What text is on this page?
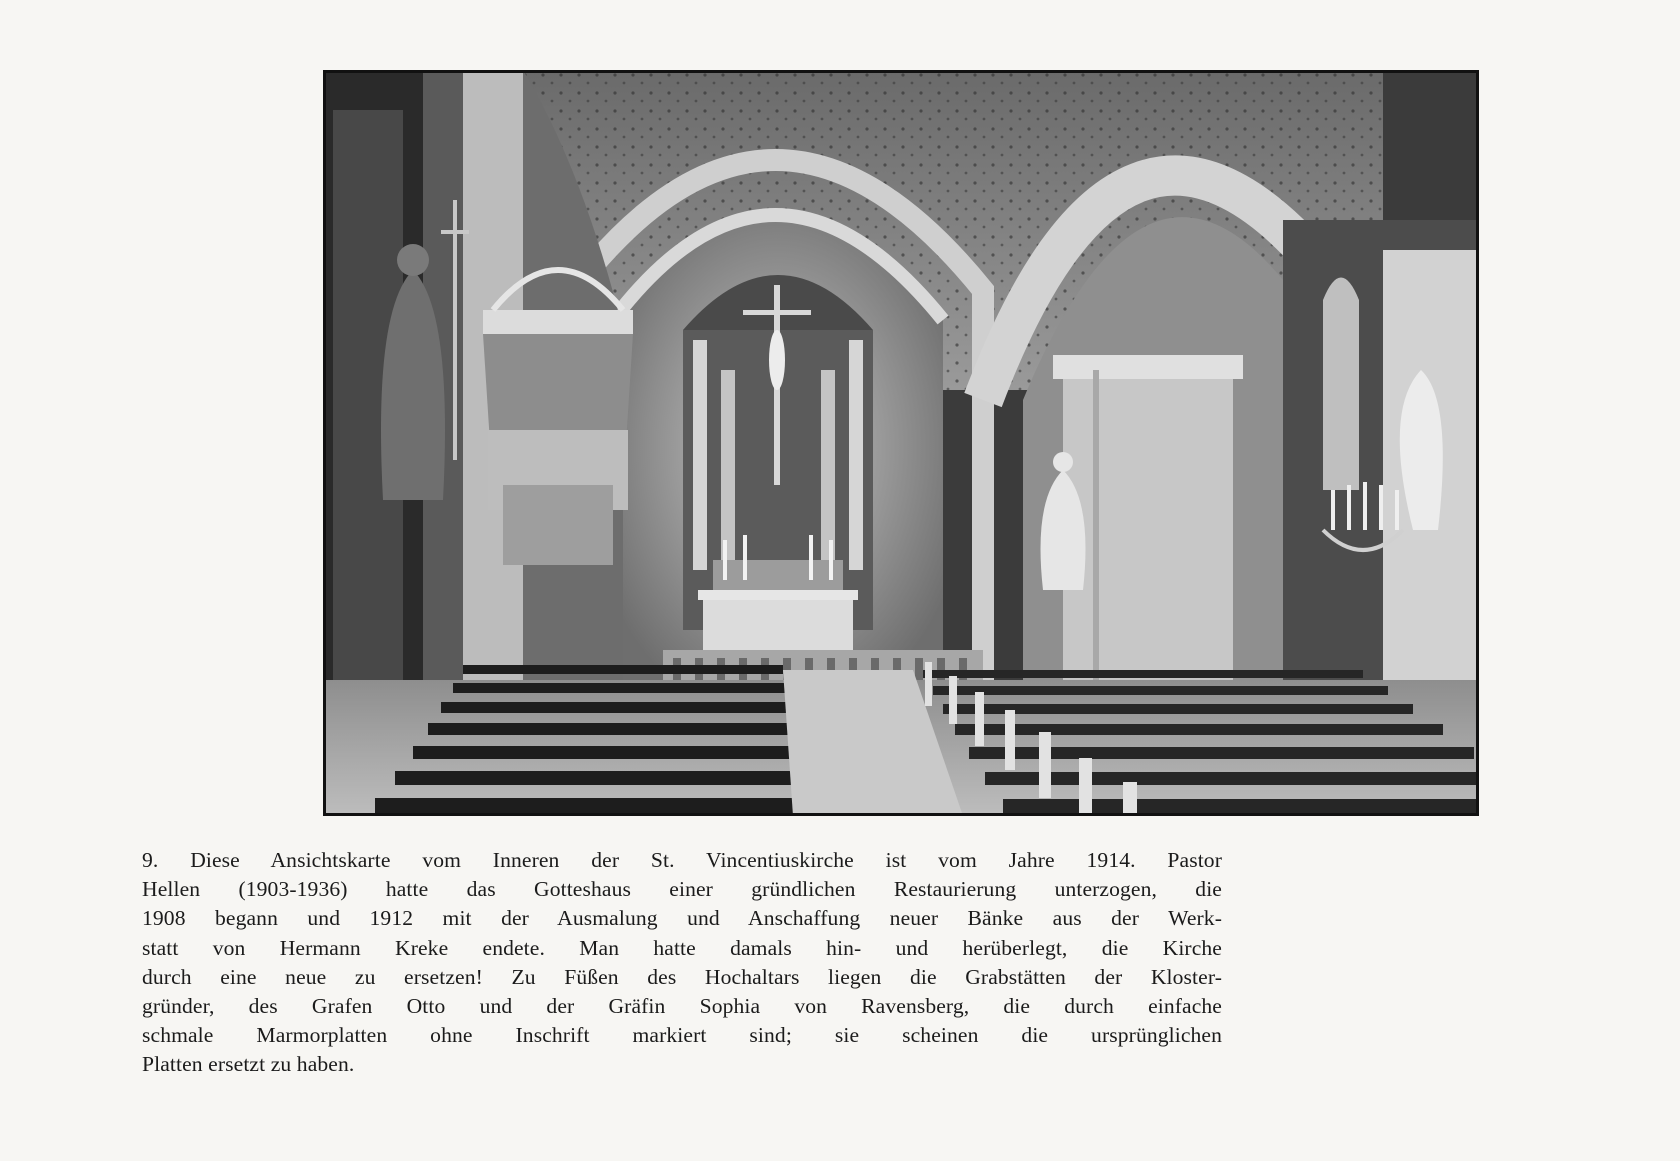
9. Diese Ansichtskarte vom Inneren der St. Vincentiuskirche ist vom Jahre 1914. Pastor
Hellen (1903-1936) hatte das Gotteshaus einer gründlichen Restaurierung unterzogen, die
1908 begann und 1912 mit der Ausmalung und Anschaffung neuer Bänke aus der Werk-
statt von Hermann Kreke endete. Man hatte damals hin- und herüberlegt, die Kirche
durch eine neue zu ersetzen! Zu Füßen des Hochaltars liegen die Grabstätten der Kloster-
gründer, des Grafen Otto und der Gräfin Sophia von Ravensberg, die durch einfache
schmale Marmorplatten ohne Inschrift markiert sind; sie scheinen die ursprünglichen
Platten ersetzt zu haben.
